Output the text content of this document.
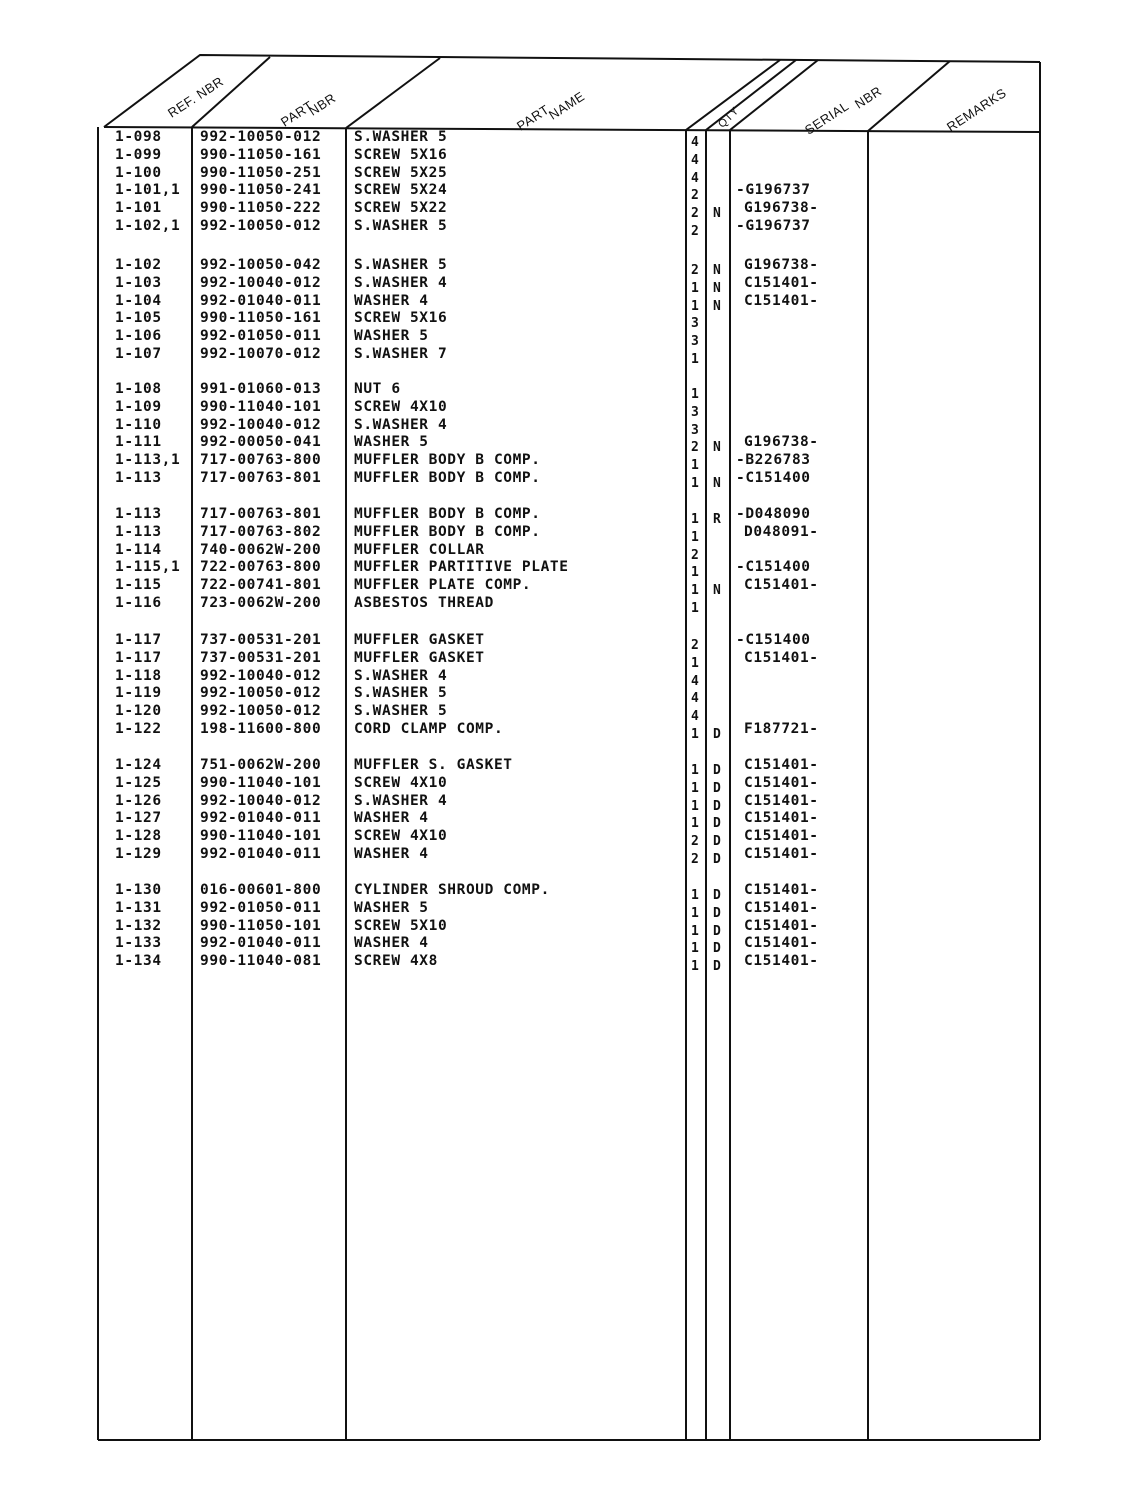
REF. NBR	PART
NBR	PART
NAME	QTY	SERIAL
NBR	REMARKS
1-098	992-10050-012 S.WASHER 5	4
1-099	990-11050-161 SCREW 5X16	4
1-100	990-11050-251 SCREW 5X25	4
1-101,1 990-11050-241 SCREW 5X24	2	-G196737
1-101	990-11050-222 SCREW 5X22	2 N G196738-
1-102,1 992-10050-012 S.WASHER 5	2	-G196737
1-102	992-10050-042 S.WASHER 5	2 N G196738-
1-103	992-10040-012 S.WASHER 4	1 N C151401-
1-104	992-01040-011 WASHER 4	1 N C151401-
1-105	990-11050-161 SCREW 5X16	3
1-106	992-01050-011 WASHER 5	3
1-107	992-10070-012 S.WASHER 7	1
1-108	991-01060-013 NUT 6	1
1-109	990-11040-101 SCREW 4X10	3
1-110	992-10040-012 S.WASHER 4	3
1-111	992-00050-041 WASHER 5	2 N G196738-
1-113,1 717-00763-800 MUFFLER BODY B COMP.	1	-B226783
1-113	717-00763-801 MUFFLER BODY B COMP.	1 N -C151400
1-113	717-00763-801 MUFFLER BODY B COMP.	1 R -D048090
1-113	717-00763-802 MUFFLER BODY B COMP.	1	D048091-
1-114	740-0062W-200 MUFFLER COLLAR	2
1-115,1 722-00763-800 MUFFLER PARTITIVE PLATE	1	-C151400
1-115	722-00741-801 MUFFLER PLATE COMP.	1 N C151401-
1-116	723-0062W-200 ASBESTOS THREAD	1
1-117	737-00531-201 MUFFLER GASKET	2	-C151400
1-117	737-00531-201 MUFFLER GASKET	1	C151401-
1-118	992-10040-012 S.WASHER 4	4
1-119	992-10050-012 S.WASHER 5	4
1-120	992-10050-012 S.WASHER 5	4
1-122	198-11600-800 CORD CLAMP COMP.	1 D F187721-
1-124	751-0062W-200 MUFFLER S. GASKET	1 D C151401-
1-125	990-11040-101 SCREW 4X10	1 D C151401-
1-126	992-10040-012 S.WASHER 4	1 D C151401-
1-127	992-01040-011 WASHER 4	1 D C151401-
1-128	990-11040-101 SCREW 4X10	2 D C151401-
1-129	992-01040-011 WASHER 4	2 D C151401-
1-130	016-00601-800 CYLINDER SHROUD COMP.	1 D C151401-
1-131	992-01050-011 WASHER 5	1 D C151401-
1-132	990-11050-101 SCREW 5X10	1 D C151401-
1-133	992-01040-011 WASHER 4	1 D C151401-
1-134	990-11040-081 SCREW 4X8	1 D C151401-
